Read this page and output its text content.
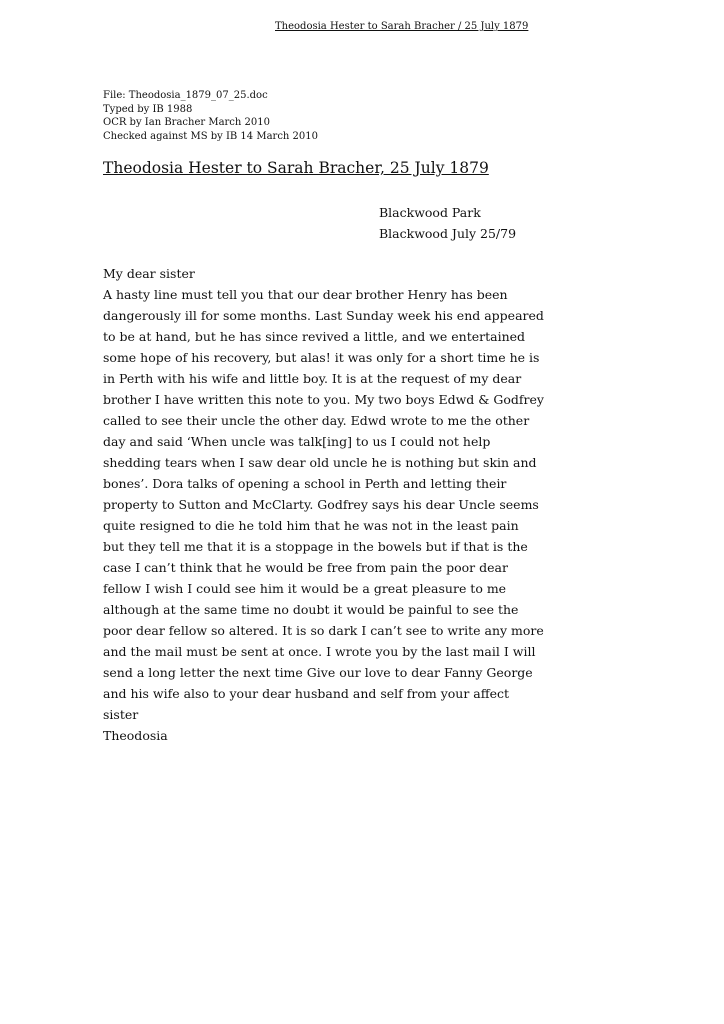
Theodosia Hester to Sarah Bracher / 25 July 1879
File: Theodosia_1879_07_25.doc
Typed by IB 1988
OCR by Ian Bracher March 2010
Checked against MS by IB 14 March 2010
Theodosia Hester to Sarah Bracher, 25 July 1879
Blackwood Park
Blackwood July 25/79
My dear sister
A hasty line must tell you that our dear brother Henry has been
dangerously ill for some months. Last Sunday week his end appeared
to be at hand, but he has since revived a little, and we entertained
some hope of his recovery, but alas! it was only for a short time he is
in Perth with his wife and little boy. It is at the request of my dear
brother I have written this note to you. My two boys Edwd & Godfrey
called to see their uncle the other day. Edwd wrote to me the other
day and said ‘When uncle was talk[ing] to us I could not help
shedding tears when I saw dear old uncle he is nothing but skin and
bones’. Dora talks of opening a school in Perth and letting their
property to Sutton and McClarty. Godfrey says his dear Uncle seems
quite resigned to die he told him that he was not in the least pain
but they tell me that it is a stoppage in the bowels but if that is the
case I can’t think that he would be free from pain the poor dear
fellow I wish I could see him it would be a great pleasure to me
although at the same time no doubt it would be painful to see the
poor dear fellow so altered. It is so dark I can’t see to write any more
and the mail must be sent at once. I wrote you by the last mail I will
send a long letter the next time Give our love to dear Fanny George
and his wife also to your dear husband and self from your affect
sister
Theodosia
